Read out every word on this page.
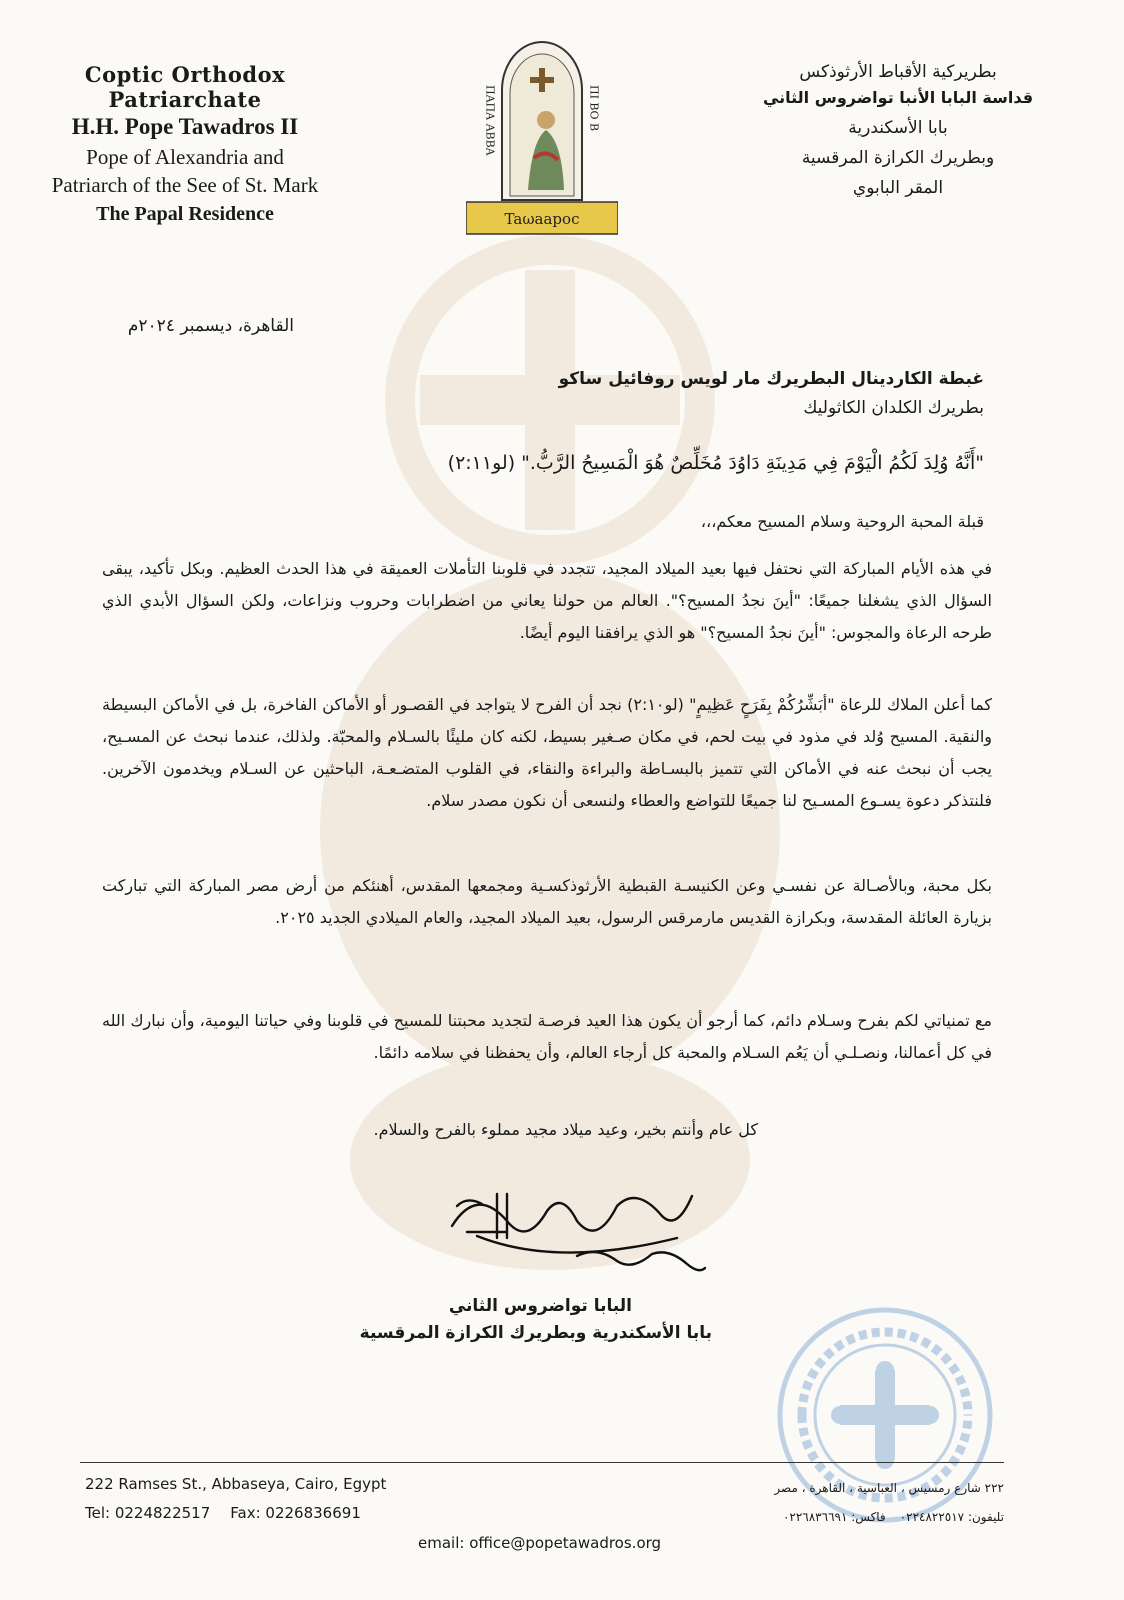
Coptic Orthodox Patriarchate
H.H. Pope Tawadros II
Pope of Alexandria and
Patriarch of the See of St. Mark
The Papal Residence	Taωaapoc
ΠΑΠΑ ΑΒΒΑ	ΠΙ ΒΟ Β
بطريركية الأقباط الأرثوذكس
قداسة البابا الأنبا تواضروس الثاني
بابا الأسكندرية
وبطريرك الكرازة المرقسية
المقر البابوي
القاهرة، ديسمبر ٢٠٢٤م
غبطة الكاردينال البطريرك مار لويس روفائيل ساكو
بطريرك الكلدان الكاثوليك
"أَنَّهُ وُلِدَ لَكُمُ الْيَوْمَ فِي مَدِينَةِ دَاوُدَ مُخَلِّصٌ هُوَ الْمَسِيحُ الرَّبُّ." (لو٢:١١)
قبلة المحبة الروحية وسلام المسيح معكم،،،
في هذه الأيام المباركة التي نحتفل فيها بعيد الميلاد المجيد، تتجدد في قلوبنا التأملات العميقة في هذا الحدث العظيم. وبكل تأكيد، يبقى السؤال الذي يشغلنا جميعًا: "أينَ نجدُ المسيح؟". العالم من حولنا يعاني من اضطرابات وحروب ونزاعات، ولكن السؤال الأبدي الذي طرحه الرعاة والمجوس: "أينَ نجدُ المسيح؟" هو الذي يرافقنا اليوم أيضًا.
كما أعلن الملاك للرعاة "أبَشِّرُكُمْ بِفَرَحٍ عَظِيمٍ" (لو٢:١٠) نجد أن الفرح لا يتواجد في القصـور أو الأماكن الفاخرة، بل في الأماكن البسيطة والنقية. المسيح وُلد في مذود في بيت لحم، في مكان صـغير بسيط، لكنه كان مليئًا بالسـلام والمحبّة. ولذلك، عندما نبحث عن المسـيح، يجب أن نبحث عنه في الأماكن التي تتميز بالبسـاطة والبراءة والنقاء، في القلوب المتضـعـة، الباحثين عن السـلام ويخدمون الآخرين. فلنتذكر دعوة يسـوع المسـيح لنا جميعًا للتواضع والعطاء ولنسعى أن نكون مصدر سلام.
بكل محبة، وبالأصـالة عن نفسـي وعن الكنيسـة القبطية الأرثوذكسـية ومجمعها المقدس، أهنئكم من أرض مصر المباركة التي تباركت بزيارة العائلة المقدسة، وبكرازة القديس مارمرقس الرسول، بعيد الميلاد المجيد، والعام الميلادي الجديد ٢٠٢٥.
مع تمنياتي لكم بفرح وسـلام دائم، كما أرجو أن يكون هذا العيد فرصـة لتجديد محبتنا للمسيح في قلوبنا وفي حياتنا اليومية، وأن نبارك الله في كل أعمالنا، ونصـلـي أن يَعُم السـلام والمحبة كل أرجاء العالم، وأن يحفظنا في سلامه دائمًا.
كل عام وأنتم بخير، وعيد ميلاد مجيد مملوء بالفرح والسلام.
البابا تواضروس الثاني
بابا الأسكندرية وبطريرك الكرازة المرقسية
222 Ramses St., Abbaseya, Cairo, Egypt
Tel: 0224822517 Fax: 0226836691
email: office@popetawadros.org
٢٢٢ شارع رمسيس ، العباسية ، القاهرة ، مصر
تليفون: ٠٢٢٤٨٢٢٥١٧فاكس: ٠٢٢٦٨٣٦٦٩١
